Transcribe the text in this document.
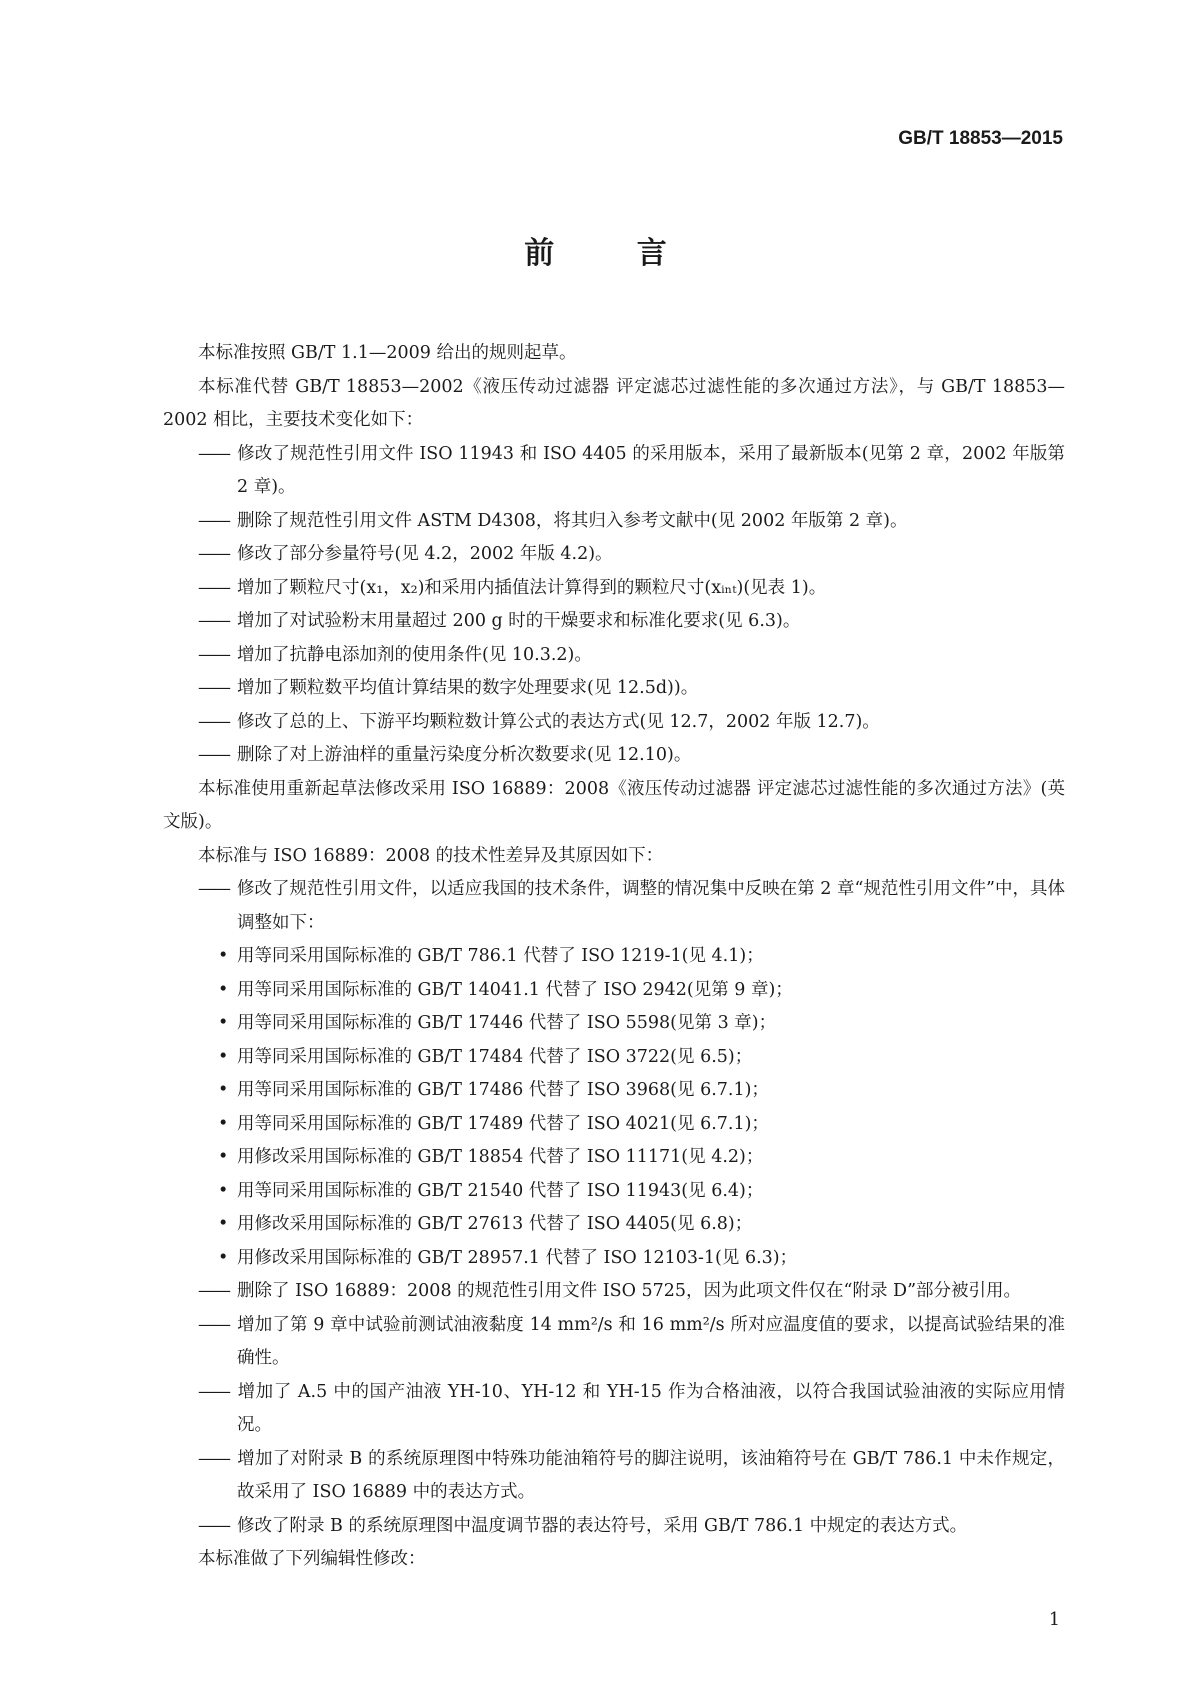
GB/T 18853—2015
前 言

本标准按照 GB/T 1.1—2009 给出的规则起草。

本标准代替 GB/T 18853—2002《液压传动过滤器 评定滤芯过滤性能的多次通过方法》，与 GB/T 18853—2002 相比，主要技术变化如下：

—— 修改了规范性引用文件 ISO 11943 和 ISO 4405 的采用版本，采用了最新版本(见第 2 章，2002 年版第 2 章)。

—— 删除了规范性引用文件 ASTM D4308，将其归入参考文献中(见 2002 年版第 2 章)。

—— 修改了部分参量符号(见 4.2，2002 年版 4.2)。

—— 增加了颗粒尺寸(x₁，x₂)和采用内插值法计算得到的颗粒尺寸(xᵢₙₜ)(见表 1)。

—— 增加了对试验粉末用量超过 200 g 时的干燥要求和标准化要求(见 6.3)。

—— 增加了抗静电添加剂的使用条件(见 10.3.2)。

—— 增加了颗粒数平均值计算结果的数字处理要求(见 12.5d))。

—— 修改了总的上、下游平均颗粒数计算公式的表达方式(见 12.7，2002 年版 12.7)。

—— 删除了对上游油样的重量污染度分析次数要求(见 12.10)。

本标准使用重新起草法修改采用 ISO 16889：2008《液压传动过滤器 评定滤芯过滤性能的多次通过方法》(英文版)。

本标准与 ISO 16889：2008 的技术性差异及其原因如下：

—— 修改了规范性引用文件，以适应我国的技术条件，调整的情况集中反映在第 2 章“规范性引用文件”中，具体调整如下：

• 用等同采用国际标准的 GB/T 786.1 代替了 ISO 1219-1(见 4.1)；

• 用等同采用国际标准的 GB/T 14041.1 代替了 ISO 2942(见第 9 章)；

• 用等同采用国际标准的 GB/T 17446 代替了 ISO 5598(见第 3 章)；

• 用等同采用国际标准的 GB/T 17484 代替了 ISO 3722(见 6.5)；

• 用等同采用国际标准的 GB/T 17486 代替了 ISO 3968(见 6.7.1)；

• 用等同采用国际标准的 GB/T 17489 代替了 ISO 4021(见 6.7.1)；

• 用修改采用国际标准的 GB/T 18854 代替了 ISO 11171(见 4.2)；

• 用等同采用国际标准的 GB/T 21540 代替了 ISO 11943(见 6.4)；

• 用修改采用国际标准的 GB/T 27613 代替了 ISO 4405(见 6.8)；

• 用修改采用国际标准的 GB/T 28957.1 代替了 ISO 12103-1(见 6.3)；

—— 删除了 ISO 16889：2008 的规范性引用文件 ISO 5725，因为此项文件仅在“附录 D”部分被引用。

—— 增加了第 9 章中试验前测试油液黏度 14 mm²/s 和 16 mm²/s 所对应温度值的要求，以提高试验结果的准确性。

—— 增加了 A.5 中的国产油液 YH-10、YH-12 和 YH-15 作为合格油液，以符合我国试验油液的实际应用情况。

—— 增加了对附录 B 的系统原理图中特殊功能油箱符号的脚注说明，该油箱符号在 GB/T 786.1 中未作规定，故采用了 ISO 16889 中的表达方式。

—— 修改了附录 B 的系统原理图中温度调节器的表达符号，采用 GB/T 786.1 中规定的表达方式。

本标准做了下列编辑性修改：

1
